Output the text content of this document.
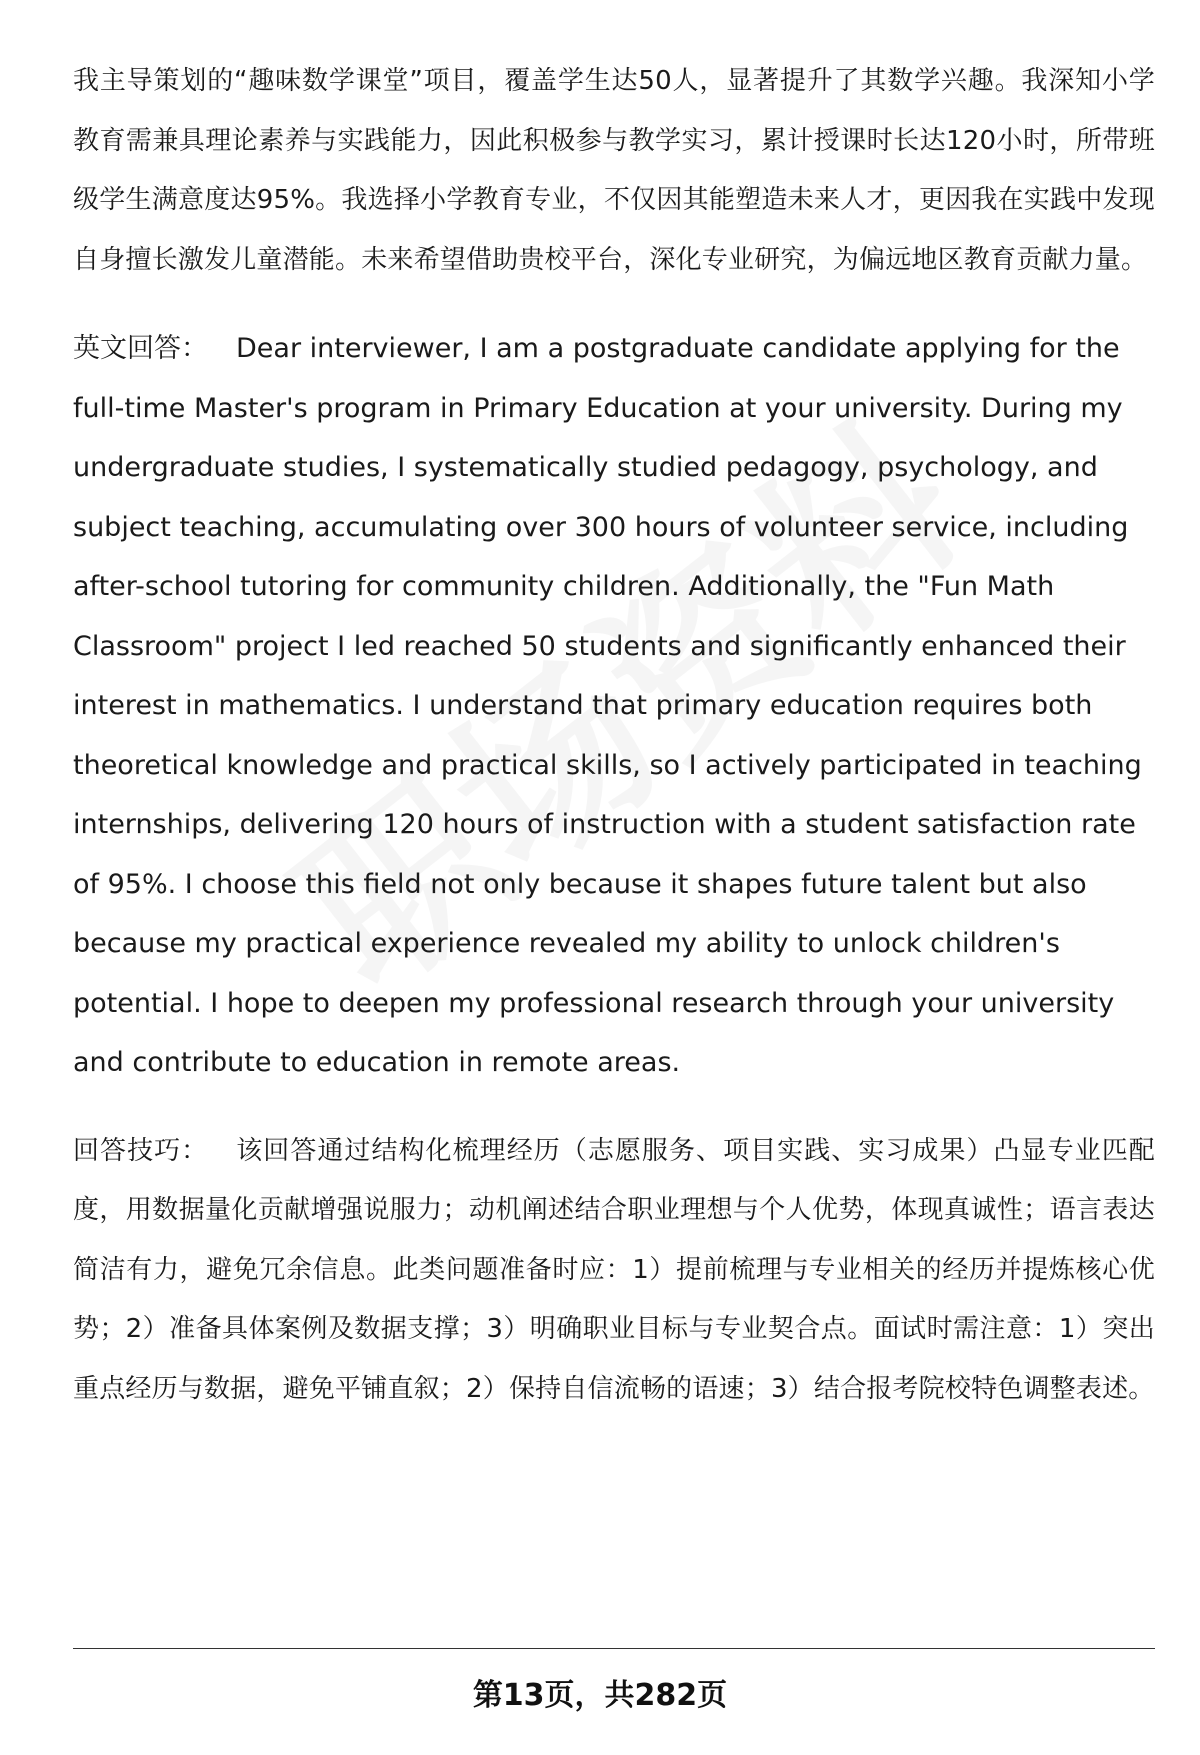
我主导策划的“趣味数学课堂”项目，覆盖学生达50人，显著提升了其数学兴趣。我深知小学教育需兼具理论素养与实践能力，因此积极参与教学实习，累计授课时长达120小时，所带班级学生满意度达95%。我选择小学教育专业，不仅因其能塑造未来人才，更因我在实践中发现自身擅长激发儿童潜能。未来希望借助贵校平台，深化专业研究，为偏远地区教育贡献力量。

英文回答： Dear interviewer, I am a postgraduate candidate applying for the full-time Master's program in Primary Education at your university. During my undergraduate studies, I systematically studied pedagogy, psychology, and subject teaching, accumulating over 300 hours of volunteer service, including after-school tutoring for community children. Additionally, the "Fun Math Classroom" project I led reached 50 students and significantly enhanced their interest in mathematics. I understand that primary education requires both theoretical knowledge and practical skills, so I actively participated in teaching internships, delivering 120 hours of instruction with a student satisfaction rate of 95%. I choose this field not only because it shapes future talent but also because my practical experience revealed my ability to unlock children's potential. I hope to deepen my professional research through your university and contribute to education in remote areas.

回答技巧： 该回答通过结构化梳理经历（志愿服务、项目实践、实习成果）凸显专业匹配度，用数据量化贡献增强说服力；动机阐述结合职业理想与个人优势，体现真诚性；语言表达简洁有力，避免冗余信息。此类问题准备时应：1）提前梳理与专业相关的经历并提炼核心优势；2）准备具体案例及数据支撑；3）明确职业目标与专业契合点。面试时需注意：1）突出重点经历与数据，避免平铺直叙；2）保持自信流畅的语速；3）结合报考院校特色调整表述。

第13页，共282页
